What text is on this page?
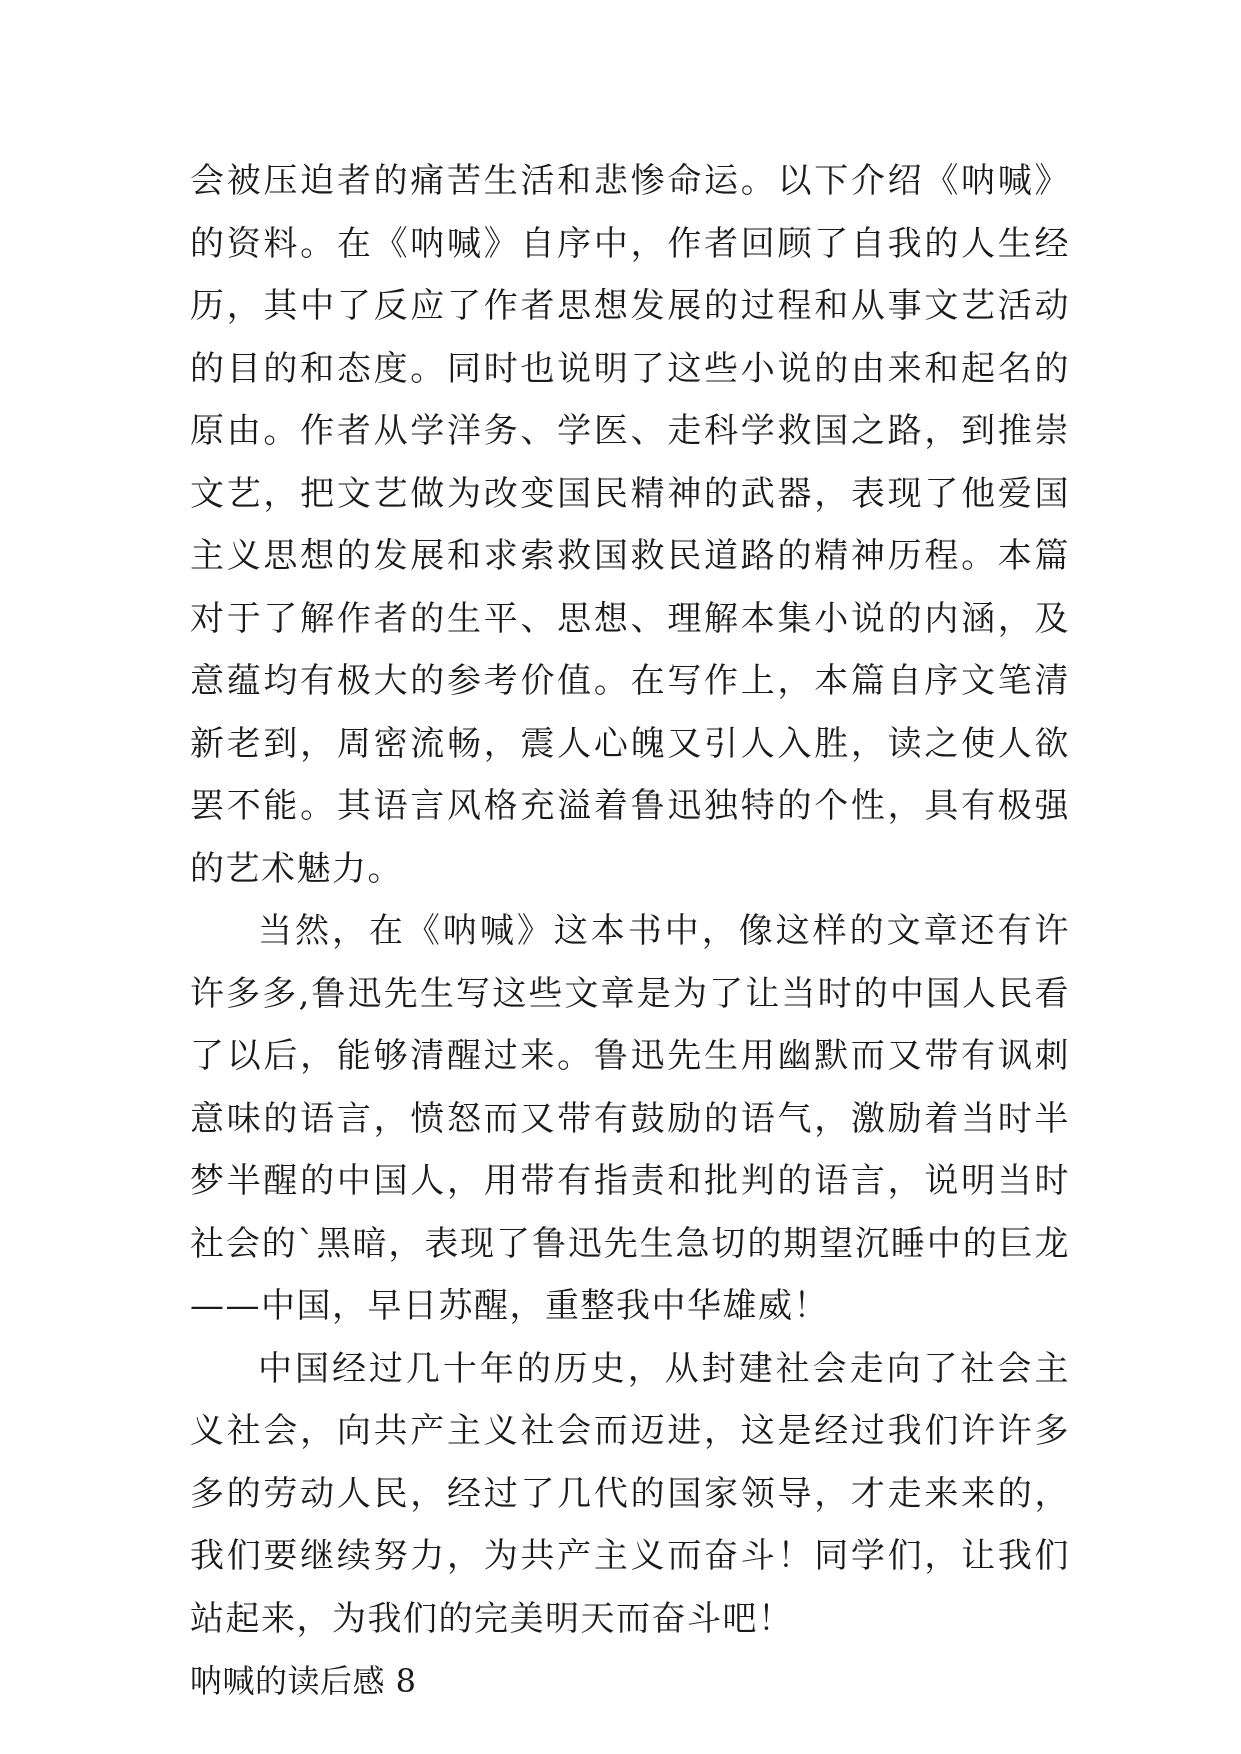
会被压迫者的痛苦生活和悲惨命运。以下介绍《呐喊》的资料。在《呐喊》自序中，作者回顾了自我的人生经历，其中了反应了作者思想发展的过程和从事文艺活动的目的和态度。同时也说明了这些小说的由来和起名的原由。作者从学洋务、学医、走科学救国之路，到推崇文艺，把文艺做为改变国民精神的武器，表现了他爱国主义思想的发展和求索救国救民道路的精神历程。本篇对于了解作者的生平、思想、理解本集小说的内涵，及意蕴均有极大的参考价值。在写作上，本篇自序文笔清新老到，周密流畅，震人心魄又引人入胜，读之使人欲罢不能。其语言风格充溢着鲁迅独特的个性，具有极强的艺术魅力。

当然，在《呐喊》这本书中，像这样的文章还有许许多多,鲁迅先生写这些文章是为了让当时的中国人民看了以后，能够清醒过来。鲁迅先生用幽默而又带有讽刺意味的语言，愤怒而又带有鼓励的语气，激励着当时半梦半醒的中国人，用带有指责和批判的语言，说明当时社会的`黑暗，表现了鲁迅先生急切的期望沉睡中的巨龙——中国，早日苏醒，重整我中华雄威！

中国经过几十年的历史，从封建社会走向了社会主义社会，向共产主义社会而迈进，这是经过我们许许多多的劳动人民，经过了几代的国家领导，才走来来的，我们要继续努力，为共产主义而奋斗！同学们，让我们站起来，为我们的完美明天而奋斗吧！

呐喊的读后感 8
